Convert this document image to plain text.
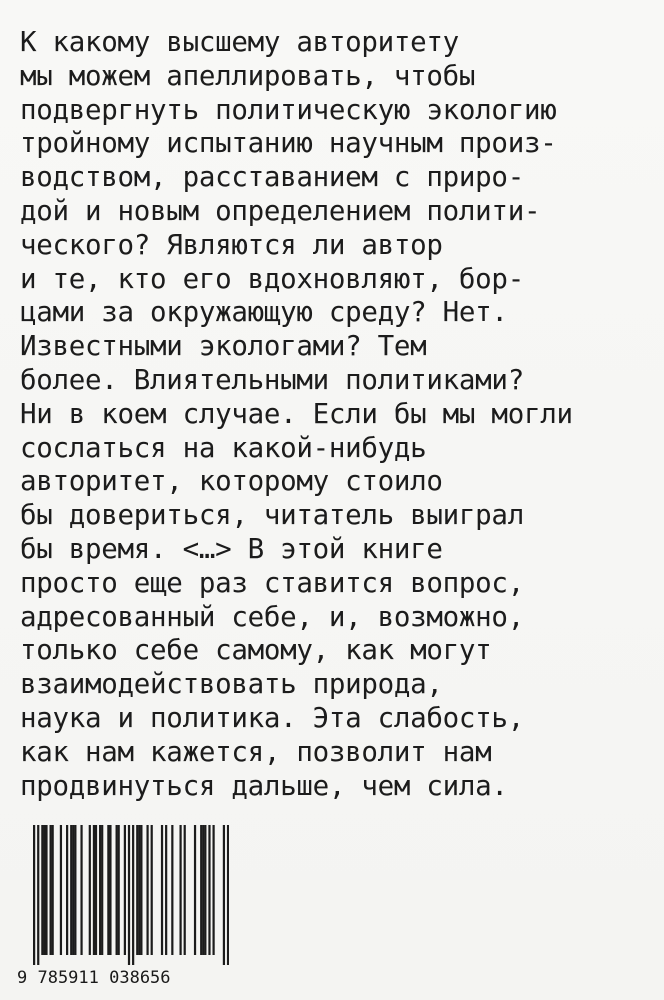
К какому высшему авторитету
мы можем апеллировать, чтобы
подвергнуть политическую экологию
тройному испытанию научным произ-
водством, расставанием с приро-
дой и новым определением полити-
ческого? Являются ли автор
и те, кто его вдохновляют, бор-
цами за окружающую среду? Нет.
Известными экологами? Тем
более. Влиятельными политиками?
Ни в коем случае. Если бы мы могли
сослаться на какой-нибудь
авторитет, которому стоило
бы довериться, читатель выиграл
бы время. <…> В этой книге
просто еще раз ставится вопрос,
адресованный себе, и, возможно,
только себе самому, как могут
взаимодействовать природа,
наука и политика. Эта слабость,
как нам кажется, позволит нам
продвинуться дальше, чем сила.
9 785911 038656
